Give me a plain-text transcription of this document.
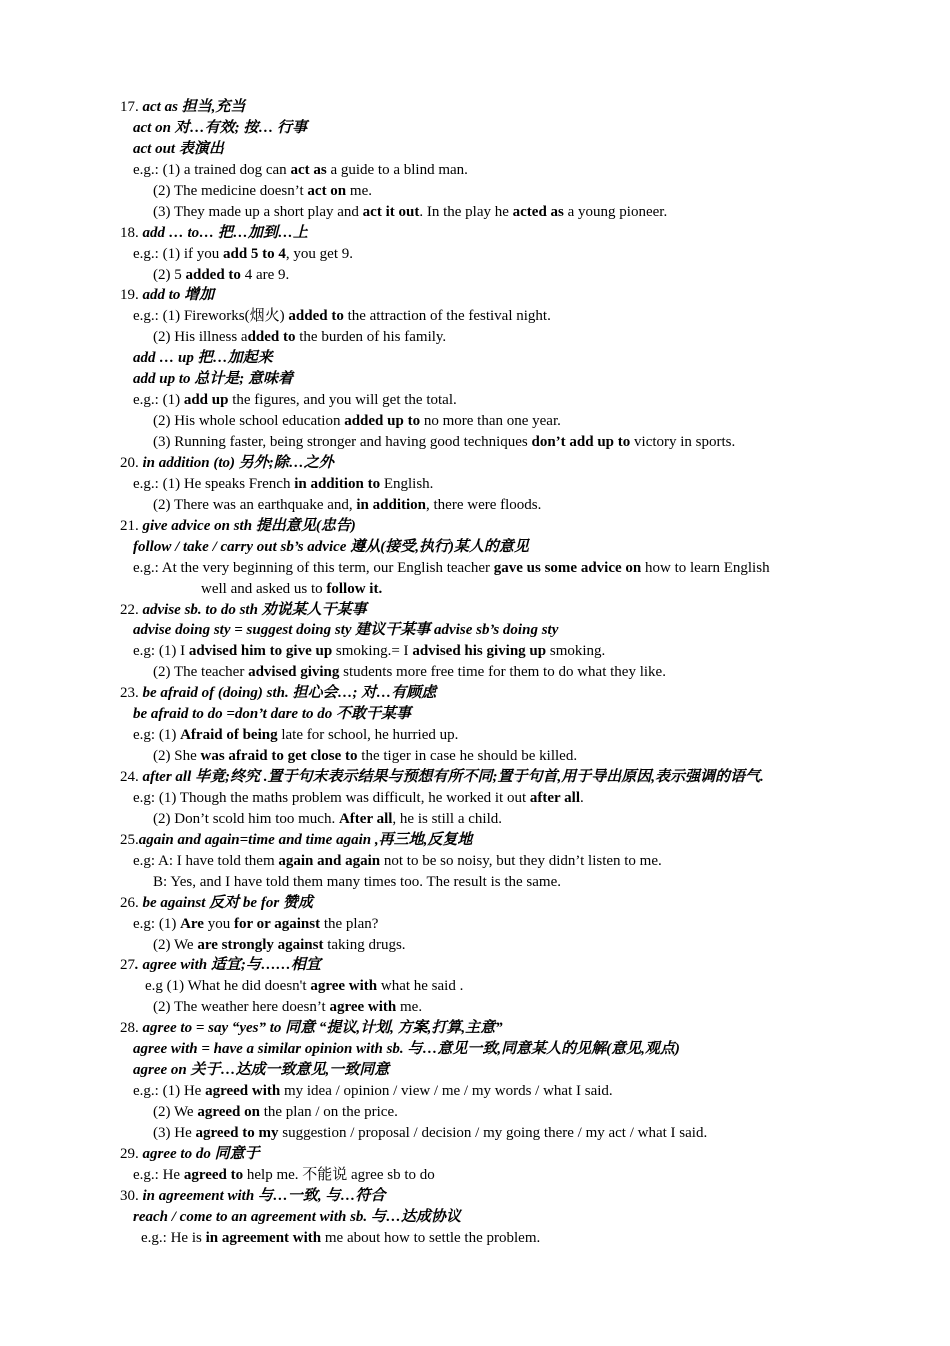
17. act as 担当,充当
act on 对…有效; 按… 行事
act out 表演出
e.g.: (1) a trained dog can act as a guide to a blind man.
(2) The medicine doesn’t act on me.
(3) They made up a short play and act it out. In the play he acted as a young pioneer.
18. add … to… 把…加到…上
e.g.: (1) if you add 5 to 4, you get 9.
(2) 5 added to 4 are 9.
19. add to 增加
e.g.: (1) Fireworks(烟火) added to the attraction of the festival night.
(2) His illness added to the burden of his family.
add … up 把…加起来
add up to 总计是; 意味着
e.g.: (1) add up the figures, and you will get the total.
(2) His whole school education added up to no more than one year.
(3) Running faster, being stronger and having good techniques don’t add up to victory in sports.
20. in addition (to) 另外;除…之外
e.g.: (1) He speaks French in addition to English.
(2) There was an earthquake and, in addition, there were floods.
21. give advice on sth 提出意见(忠告)
follow / take / carry out sb’s advice 遵从(接受,执行)某人的意见
e.g.: At the very beginning of this term, our English teacher gave us some advice on how to learn English
well and asked us to follow it.
22. advise sb. to do sth 劝说某人干某事
advise doing sty = suggest doing sty 建议干某事 advise sb’s doing sty
e.g: (1) I advised him to give up smoking.= I advised his giving up smoking.
(2) The teacher advised giving students more free time for them to do what they like.
23. be afraid of (doing) sth. 担心会…; 对…有顾虑
be afraid to do =don’t dare to do 不敢干某事
e.g: (1) Afraid of being late for school, he hurried up.
(2) She was afraid to get close to the tiger in case he should be killed.
24. after all 毕竟;终究 .置于句末表示结果与预想有所不同;置于句首,用于导出原因,表示强调的语气.
e.g: (1) Though the maths problem was difficult, he worked it out after all.
(2) Don’t scold him too much. After all, he is still a child.
25.again and again=time and time again ,再三地,反复地
e.g: A: I have told them again and again not to be so noisy, but they didn’t listen to me.
B: Yes, and I have told them many times too. The result is the same.
26. be against 反对 be for 赞成
e.g: (1) Are you for or against the plan?
(2) We are strongly against taking drugs.
27. agree with 适宜;与……相宜
e.g (1) What he did doesn't agree with what he said .
(2) The weather here doesn’t agree with me.
28. agree to = say “yes” to 同意 “提议,计划, 方案,打算,主意”
agree with = have a similar opinion with sb. 与…意见一致,同意某人的见解(意见,观点)
agree on 关于…达成一致意见,一致同意
e.g.: (1) He agreed with my idea / opinion / view / me / my words / what I said.
(2) We agreed on the plan / on the price.
(3) He agreed to my suggestion / proposal / decision / my going there / my act / what I said.
29. agree to do 同意于
e.g.: He agreed to help me. 不能说 agree sb to do
30. in agreement with 与…一致, 与…符合
reach / come to an agreement with sb. 与…达成协议
e.g.: He is in agreement with me about how to settle the problem.
